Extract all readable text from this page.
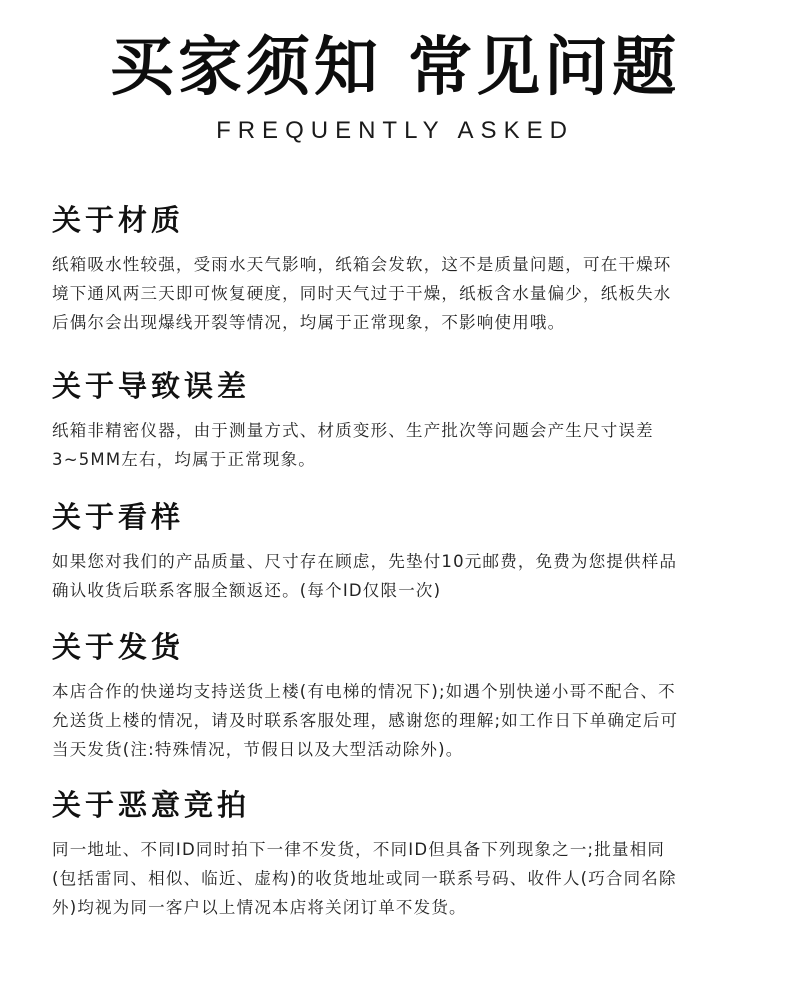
买家须知 常见问题
FREQUENTLY ASKED
关于材质

纸箱吸水性较强，受雨水天气影响，纸箱会发软，这不是质量问题，可在干燥环
境下通风两三天即可恢复硬度，同时天气过于干燥，纸板含水量偏少，纸板失水
后偶尔会出现爆线开裂等情况，均属于正常现象，不影响使用哦。

关于导致误差

纸箱非精密仪器，由于测量方式、材质变形、生产批次等问题会产生尺寸误差
3~5MM左右，均属于正常现象。

关于看样

如果您对我们的产品质量、尺寸存在顾虑，先垫付10元邮费，免费为您提供样品
确认收货后联系客服全额返还。(每个ID仅限一次)

关于发货

本店合作的快递均支持送货上楼(有电梯的情况下);如遇个别快递小哥不配合、不
允送货上楼的情况，请及时联系客服处理，感谢您的理解;如工作日下单确定后可
当天发货(注:特殊情况，节假日以及大型活动除外)。

关于恶意竞拍

同一地址、不同ID同时拍下一律不发货，不同ID但具备下列现象之一;批量相同
(包括雷同、相似、临近、虚构)的收货地址或同一联系号码、收件人(巧合同名除
外)均视为同一客户以上情况本店将关闭订单不发货。
